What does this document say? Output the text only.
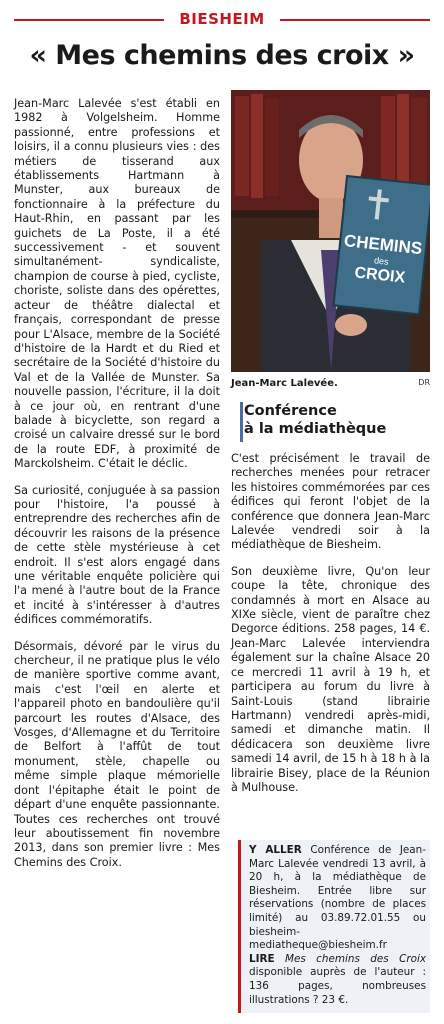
BIESHEIM
« Mes chemins des croix »

Jean-Marc Lalevée s'est établi en 1982 à Volgelsheim. Homme passionné, entre professions et loisirs, il a connu plusieurs vies : des métiers de tisserand aux établissements Hartmann à Munster, aux bureaux de fonctionnaire à la préfecture du Haut-Rhin, en passant par les guichets de La Poste, il a été successivement - et souvent simultanément- syndicaliste, champion de course à pied, cycliste, choriste, soliste dans des opérettes, acteur de théâtre dialectal et français, correspondant de presse pour L'Alsace, membre de la Société d'histoire de la Hardt et du Ried et secrétaire de la Société d'histoire du Val et de la Vallée de Munster. Sa nouvelle passion, l'écriture, il la doit à ce jour où, en rentrant d'une balade à bicyclette, son regard a croisé un calvaire dressé sur le bord de la route EDF, à proximité de Marckolsheim. C'était le déclic.

Sa curiosité, conjuguée à sa passion pour l'histoire, l'a poussé à entreprendre des recherches afin de découvrir les raisons de la présence de cette stèle mystérieuse à cet endroit. Il s'est alors engagé dans une véritable enquête policière qui l'a mené à l'autre bout de la France et incité à s'intéresser à d'autres édifices commémoratifs.

Désormais, dévoré par le virus du chercheur, il ne pratique plus le vélo de manière sportive comme avant, mais c'est l'œil en alerte et l'appareil photo en bandoulière qu'il parcourt les routes d'Alsace, des Vosges, d'Allemagne et du Territoire de Belfort à l'affût de tout monument, stèle, chapelle ou même simple plaque mémorielle dont l'épitaphe était le point de départ d'une enquête passionnante. Toutes ces recherches ont trouvé leur aboutissement fin novembre 2013, dans son premier livre : Mes Chemins des Croix.

CHEMINS
des
CROIX
Jean-Marc Lalevée.	DR
Conférence
à la médiathèque

C'est précisément le travail de recherches menées pour retracer les histoires commémorées par ces édifices qui feront l'objet de la conférence que donnera Jean-Marc Lalevée vendredi soir à la médiathèque de Biesheim.

Son deuxième livre, Qu'on leur coupe la tête, chronique des condamnés à mort en Alsace au XIXe siècle, vient de paraître chez Degorce éditions. 258 pages, 14 €. Jean-Marc Lalevée interviendra également sur la chaîne Alsace 20 ce mercredi 11 avril à 19 h, et participera au forum du livre à Saint-Louis (stand librairie Hartmann) vendredi après-midi, samedi et dimanche matin. Il dédicacera son deuxième livre samedi 14 avril, de 15 h à 18 h à la librairie Bisey, place de la Réunion à Mulhouse.

Y ALLER Conférence de Jean-Marc Lalevée vendredi 13 avril, à 20 h, à la médiathèque de Biesheim. Entrée libre sur réservations (nombre de places limité) au 03.89.72.01.55 ou biesheim-mediatheque@biesheim.fr
LIRE Mes chemins des Croix disponible auprès de l'auteur : 136 pages, nombreuses illustrations ? 23 €.
